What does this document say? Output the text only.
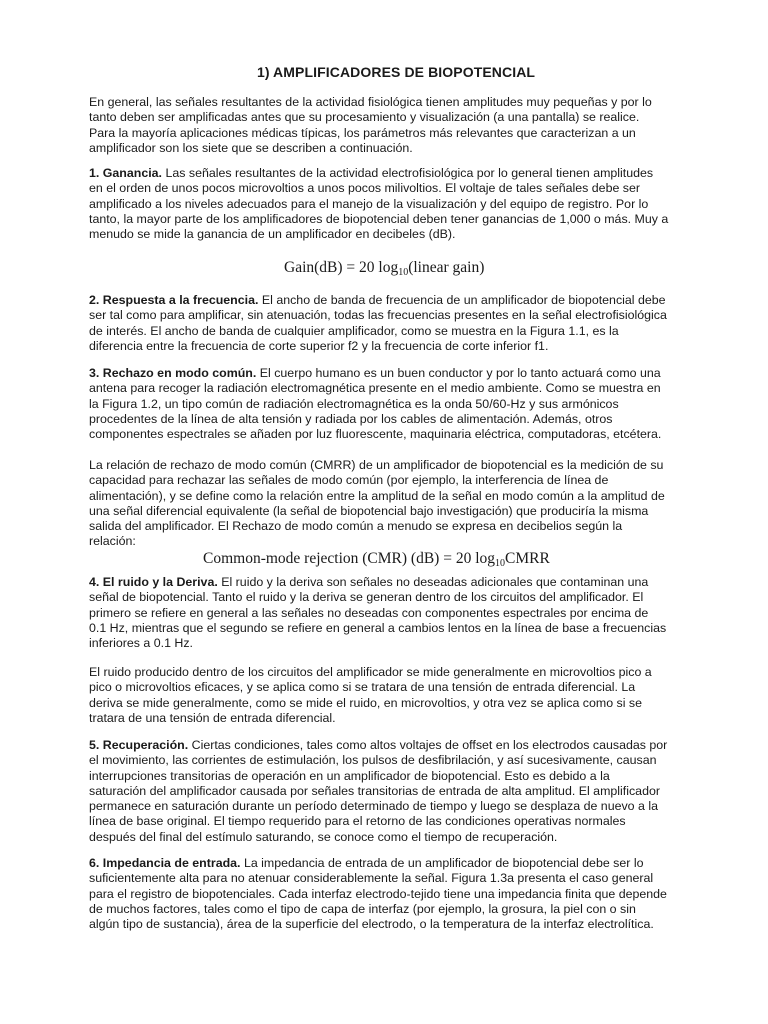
1) AMPLIFICADORES DE BIOPOTENCIAL

En general, las señales resultantes de la actividad fisiológica tienen amplitudes muy pequeñas y por lo
tanto deben ser amplificadas antes que su procesamiento y visualización (a una pantalla) se realice.
Para la mayoría aplicaciones médicas típicas, los parámetros más relevantes que caracterizan a un
amplificador son los siete que se describen a continuación.

1. Ganancia. Las señales resultantes de la actividad electrofisiológica por lo general tienen amplitudes
en el orden de unos pocos microvoltios a unos pocos milivoltios. El voltaje de tales señales debe ser
amplificado a los niveles adecuados para el manejo de la visualización y del equipo de registro. Por lo
tanto, la mayor parte de los amplificadores de biopotencial deben tener ganancias de 1,000 o más. Muy a
menudo se mide la ganancia de un amplificador en decibeles (dB).

Gain(dB) = 20 $\log_{10}(linear$ gain)

2. Respuesta a la frecuencia. El ancho de banda de frecuencia de un amplificador de biopotencial debe
ser tal como para amplificar, sin atenuación, todas las frecuencias presentes en la señal electrofisiológica
de interés. El ancho de banda de cualquier amplificador, como se muestra en la Figura 1.1, es la
diferencia entre la frecuencia de corte superior f2 y la frecuencia de corte inferior f1.

3. Rechazo en modo común. El cuerpo humano es un buen conductor y por lo tanto actuará como una
antena para recoger la radiación electromagnética presente en el medio ambiente. Como se muestra en
la Figura 1.2, un tipo común de radiación electromagnética es la onda 50/60-Hz y sus armónicos
procedentes de la línea de alta tensión y radiada por los cables de alimentación. Además, otros
componentes espectrales se añaden por luz fluorescente, maquinaria eléctrica, computadoras, etcétera.

La relación de rechazo de modo común (CMRR) de un amplificador de biopotencial es la medición de su
capacidad para rechazar las señales de modo común (por ejemplo, la interferencia de línea de
alimentación), y se define como la relación entre la amplitud de la señal en modo común a la amplitud de
una señal diferencial equivalente (la señal de biopotencial bajo investigación) que produciría la misma
salida del amplificador. El Rechazo de modo común a menudo se expresa en decibelios según la
relación:

Common-mode rejection (CMR) (dB) = 20 $\log_{10}CMRR$

4. El ruido y la Deriva. El ruido y la deriva son señales no deseadas adicionales que contaminan una
señal de biopotencial. Tanto el ruido y la deriva se generan dentro de los circuitos del amplificador. El
primero se refiere en general a las señales no deseadas con componentes espectrales por encima de
0.1 Hz, mientras que el segundo se refiere en general a cambios lentos en la línea de base a frecuencias
inferiores a 0.1 Hz.

El ruido producido dentro de los circuitos del amplificador se mide generalmente en microvoltios pico a
pico o microvoltios eficaces, y se aplica como si se tratara de una tensión de entrada diferencial. La
deriva se mide generalmente, como se mide el ruido, en microvoltios, y otra vez se aplica como si se
tratara de una tensión de entrada diferencial.

5. Recuperación. Ciertas condiciones, tales como altos voltajes de offset en los electrodos causadas por
el movimiento, las corrientes de estimulación, los pulsos de desfibrilación, y así sucesivamente, causan
interrupciones transitorias de operación en un amplificador de biopotencial. Esto es debido a la
saturación del amplificador causada por señales transitorias de entrada de alta amplitud. El amplificador
permanece en saturación durante un período determinado de tiempo y luego se desplaza de nuevo a la
línea de base original. El tiempo requerido para el retorno de las condiciones operativas normales
después del final del estímulo saturando, se conoce como el tiempo de recuperación.

6. Impedancia de entrada. La impedancia de entrada de un amplificador de biopotencial debe ser lo
suficientemente alta para no atenuar considerablemente la señal. Figura 1.3a presenta el caso general
para el registro de biopotenciales. Cada interfaz electrodo-tejido tiene una impedancia finita que depende
de muchos factores, tales como el tipo de capa de interfaz (por ejemplo, la grosura, la piel con o sin
algún tipo de sustancia), área de la superficie del electrodo, o la temperatura de la interfaz electrolítica.
